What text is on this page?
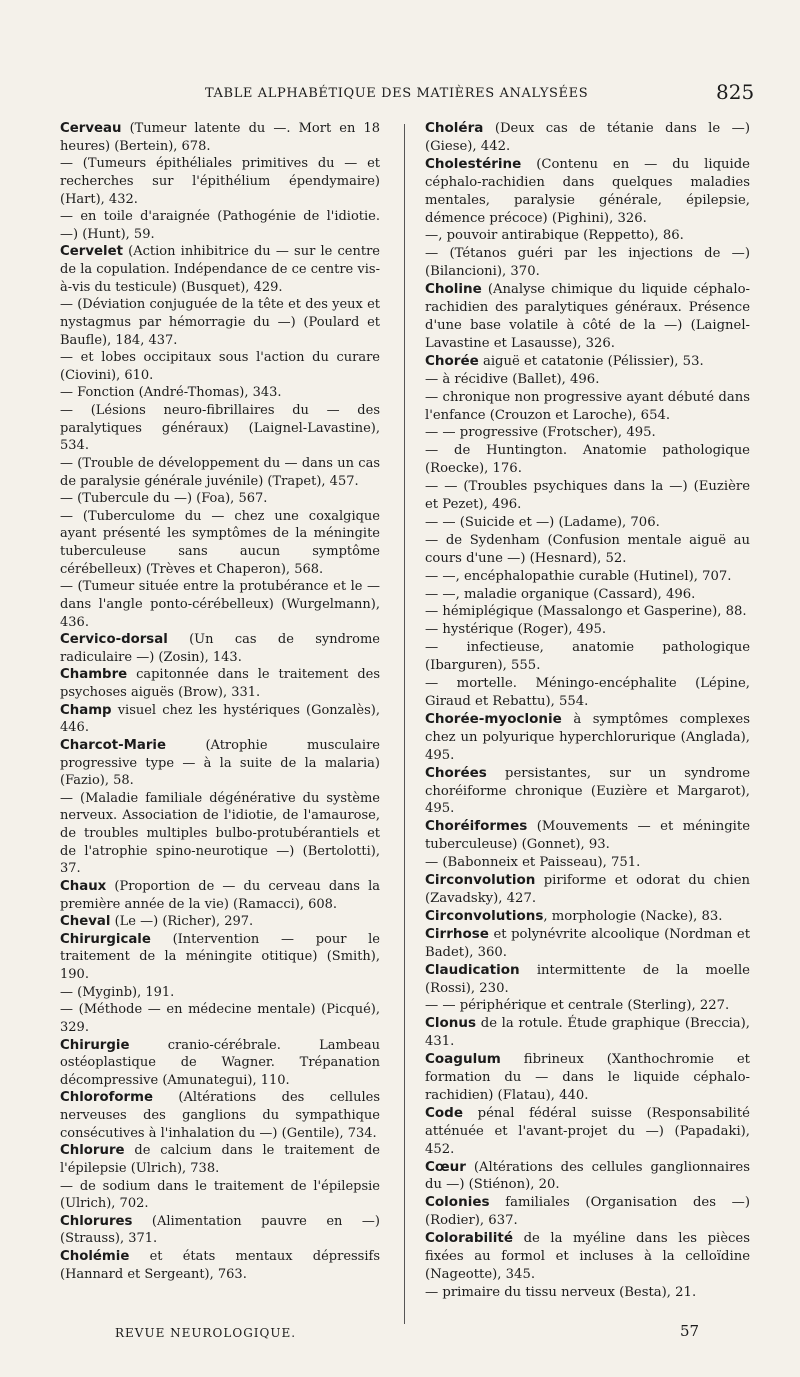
TABLE ALPHABÉTIQUE DES MATIÈRES ANALYSÉES	825

Cerveau (Tumeur latente du —. Mort en 18 heures) (Bertein), 678.

— (Tumeurs épithéliales primitives du — et recherches sur l'épithélium épendymaire) (Hart), 432.

— en toile d'araignée (Pathogénie de l'idiotie. —) (Hunt), 59.

Cervelet (Action inhibitrice du — sur le centre de la copulation. Indépendance de ce centre vis-à-vis du testicule) (Busquet), 429.

— (Déviation conjuguée de la tête et des yeux et nystagmus par hémorragie du —) (Poulard et Baufle), 184, 437.

— et lobes occipitaux sous l'action du curare (Ciovini), 610.

— Fonction (André-Thomas), 343.

— (Lésions neuro-fibrillaires du — des paralytiques généraux) (Laignel-Lavastine), 534.

— (Trouble de développement du — dans un cas de paralysie générale juvénile) (Trapet), 457.

— (Tubercule du —) (Foa), 567.

— (Tuberculome du — chez une coxalgique ayant présenté les symptômes de la méningite tuberculeuse sans aucun symptôme cérébelleux) (Trèves et Chaperon), 568.

— (Tumeur située entre la protubérance et le — dans l'angle ponto-cérébelleux) (Wurgelmann), 436.

Cervico-dorsal (Un cas de syndrome radiculaire —) (Zosin), 143.

Chambre capitonnée dans le traitement des psychoses aiguës (Brow), 331.

Champ visuel chez les hystériques (Gonzalès), 446.

Charcot-Marie (Atrophie musculaire progressive type — à la suite de la malaria) (Fazio), 58.

— (Maladie familiale dégénérative du système nerveux. Association de l'idiotie, de l'amaurose, de troubles multiples bulbo-protubérantiels et de l'atrophie spino-neurotique —) (Bertolotti), 37.

Chaux (Proportion de — du cerveau dans la première année de la vie) (Ramacci), 608.

Cheval (Le —) (Richer), 297.

Chirurgicale (Intervention — pour le traitement de la méningite otitique) (Smith), 190.

— (Myginb), 191.

— (Méthode — en médecine mentale) (Picqué), 329.

Chirurgie cranio-cérébrale. Lambeau ostéoplastique de Wagner. Trépanation décompressive (Amunategui), 110.

Chloroforme (Altérations des cellules nerveuses des ganglions du sympathique consécutives à l'inhalation du —) (Gentile), 734.

Chlorure de calcium dans le traitement de l'épilepsie (Ulrich), 738.

— de sodium dans le traitement de l'épilepsie (Ulrich), 702.

Chlorures (Alimentation pauvre en —) (Strauss), 371.

Cholémie et états mentaux dépressifs (Hannard et Sergeant), 763.

Choléra (Deux cas de tétanie dans le —) (Giese), 442.

Cholestérine (Contenu en — du liquide céphalo-rachidien dans quelques maladies mentales, paralysie générale, épilepsie, démence précoce) (Pighini), 326.

—, pouvoir antirabique (Reppetto), 86.

— (Tétanos guéri par les injections de —) (Bilancioni), 370.

Choline (Analyse chimique du liquide céphalo-rachidien des paralytiques généraux. Présence d'une base volatile à côté de la —) (Laignel-Lavastine et Lasausse), 326.

Chorée aiguë et catatonie (Pélissier), 53.

— à récidive (Ballet), 496.

— chronique non progressive ayant débuté dans l'enfance (Crouzon et Laroche), 654.

— — progressive (Frotscher), 495.

— de Huntington. Anatomie pathologique (Roecke), 176.

— — (Troubles psychiques dans la —) (Euzière et Pezet), 496.

— — (Suicide et —) (Ladame), 706.

— de Sydenham (Confusion mentale aiguë au cours d'une —) (Hesnard), 52.

— —, encéphalopathie curable (Hutinel), 707.

— —, maladie organique (Cassard), 496.

— hémiplégique (Massalongo et Gasperine), 88.

— hystérique (Roger), 495.

— infectieuse, anatomie pathologique (Ibarguren), 555.

— mortelle. Méningo-encéphalite (Lépine, Giraud et Rebattu), 554.

Chorée-myoclonie à symptômes complexes chez un polyurique hyperchlorurique (Anglada), 495.

Chorées persistantes, sur un syndrome choréiforme chronique (Euzière et Margarot), 495.

Choréiformes (Mouvements — et méningite tuberculeuse) (Gonnet), 93.

— (Babonneix et Paisseau), 751.

Circonvolution piriforme et odorat du chien (Zavadsky), 427.

Circonvolutions, morphologie (Nacke), 83.

Cirrhose et polynévrite alcoolique (Nordman et Badet), 360.

Claudication intermittente de la moelle (Rossi), 230.

— — périphérique et centrale (Sterling), 227.

Clonus de la rotule. Étude graphique (Breccia), 431.

Coagulum fibrineux (Xanthochromie et formation du — dans le liquide céphalo-rachidien) (Flatau), 440.

Code pénal fédéral suisse (Responsabilité atténuée et l'avant-projet du —) (Papadaki), 452.

Cœur (Altérations des cellules ganglionnaires du —) (Stiénon), 20.

Colonies familiales (Organisation des —) (Rodier), 637.

Colorabilité de la myéline dans les pièces fixées au formol et incluses à la celloïdine (Nageotte), 345.

— primaire du tissu nerveux (Besta), 21.

REVUE NEUROLOGIQUE.	57
